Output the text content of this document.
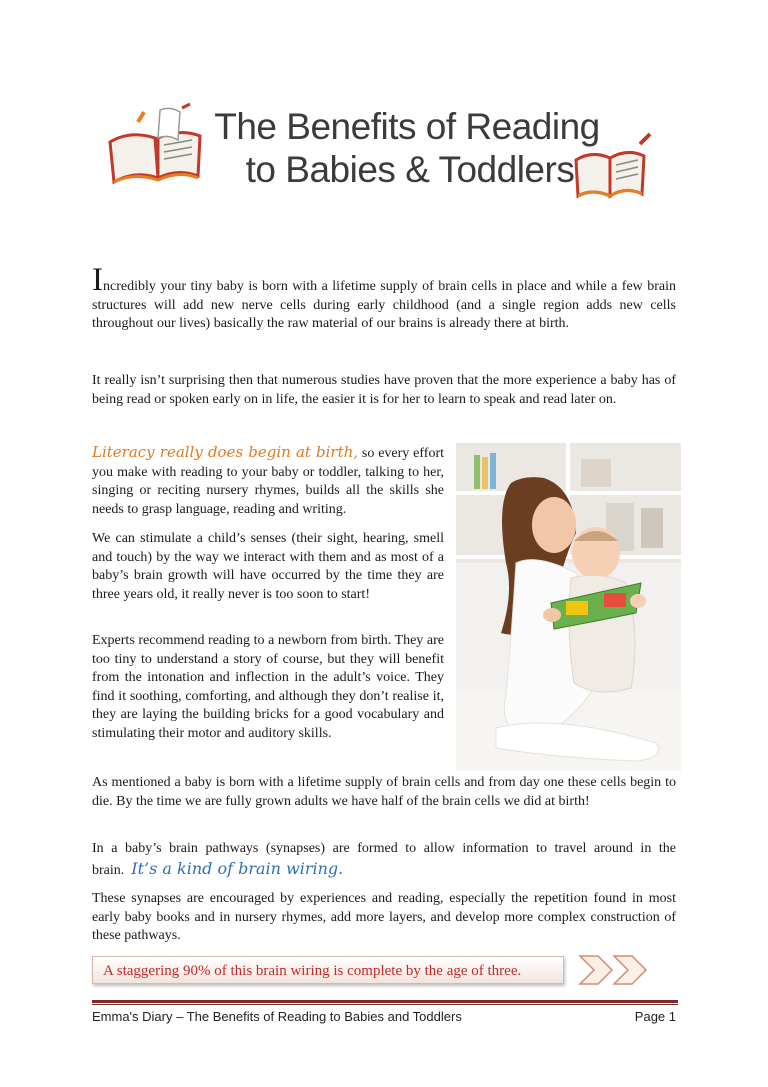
The Benefits of Reading
to Babies & Toddlers

Incredibly your tiny baby is born with a lifetime supply of brain cells in place and while a few brain structures will add new nerve cells during early childhood (and a single region adds new cells throughout our lives) basically the raw material of our brains is already there at birth.

It really isn’t surprising then that numerous studies have proven that the more experience a baby has of being read or spoken early on in life, the easier it is for her to learn to speak and read later on.

Literacy really does begin at birth, so every effort you make with reading to your baby or toddler, talking to her, singing or reciting nursery rhymes, builds all the skills she needs to grasp language, reading and writing.

We can stimulate a child’s senses (their sight, hearing, smell and touch) by the way we interact with them and as most of a baby’s brain growth will have occurred by the time they are three years old, it really never is too soon to start!

Experts recommend reading to a newborn from birth. They are too tiny to understand a story of course, but they will benefit from the intonation and inflection in the adult’s voice. They find it soothing, comforting, and although they don’t realise it, they are laying the building bricks for a good vocabulary and stimulating their motor and auditory skills.

As mentioned a baby is born with a lifetime supply of brain cells and from day one these cells begin to die. By the time we are fully grown adults we have half of the brain cells we did at birth!

In a baby’s brain pathways (synapses) are formed to allow information to travel around in the brain. It’s a kind of brain wiring.

These synapses are encouraged by experiences and reading, especially the repetition found in most early baby books and in nursery rhymes, add more layers, and develop more complex construction of these pathways.

A staggering 90% of this brain wiring is complete by the age of three.
Emma's Diary – The Benefits of Reading to Babies and Toddlers	Page 1
